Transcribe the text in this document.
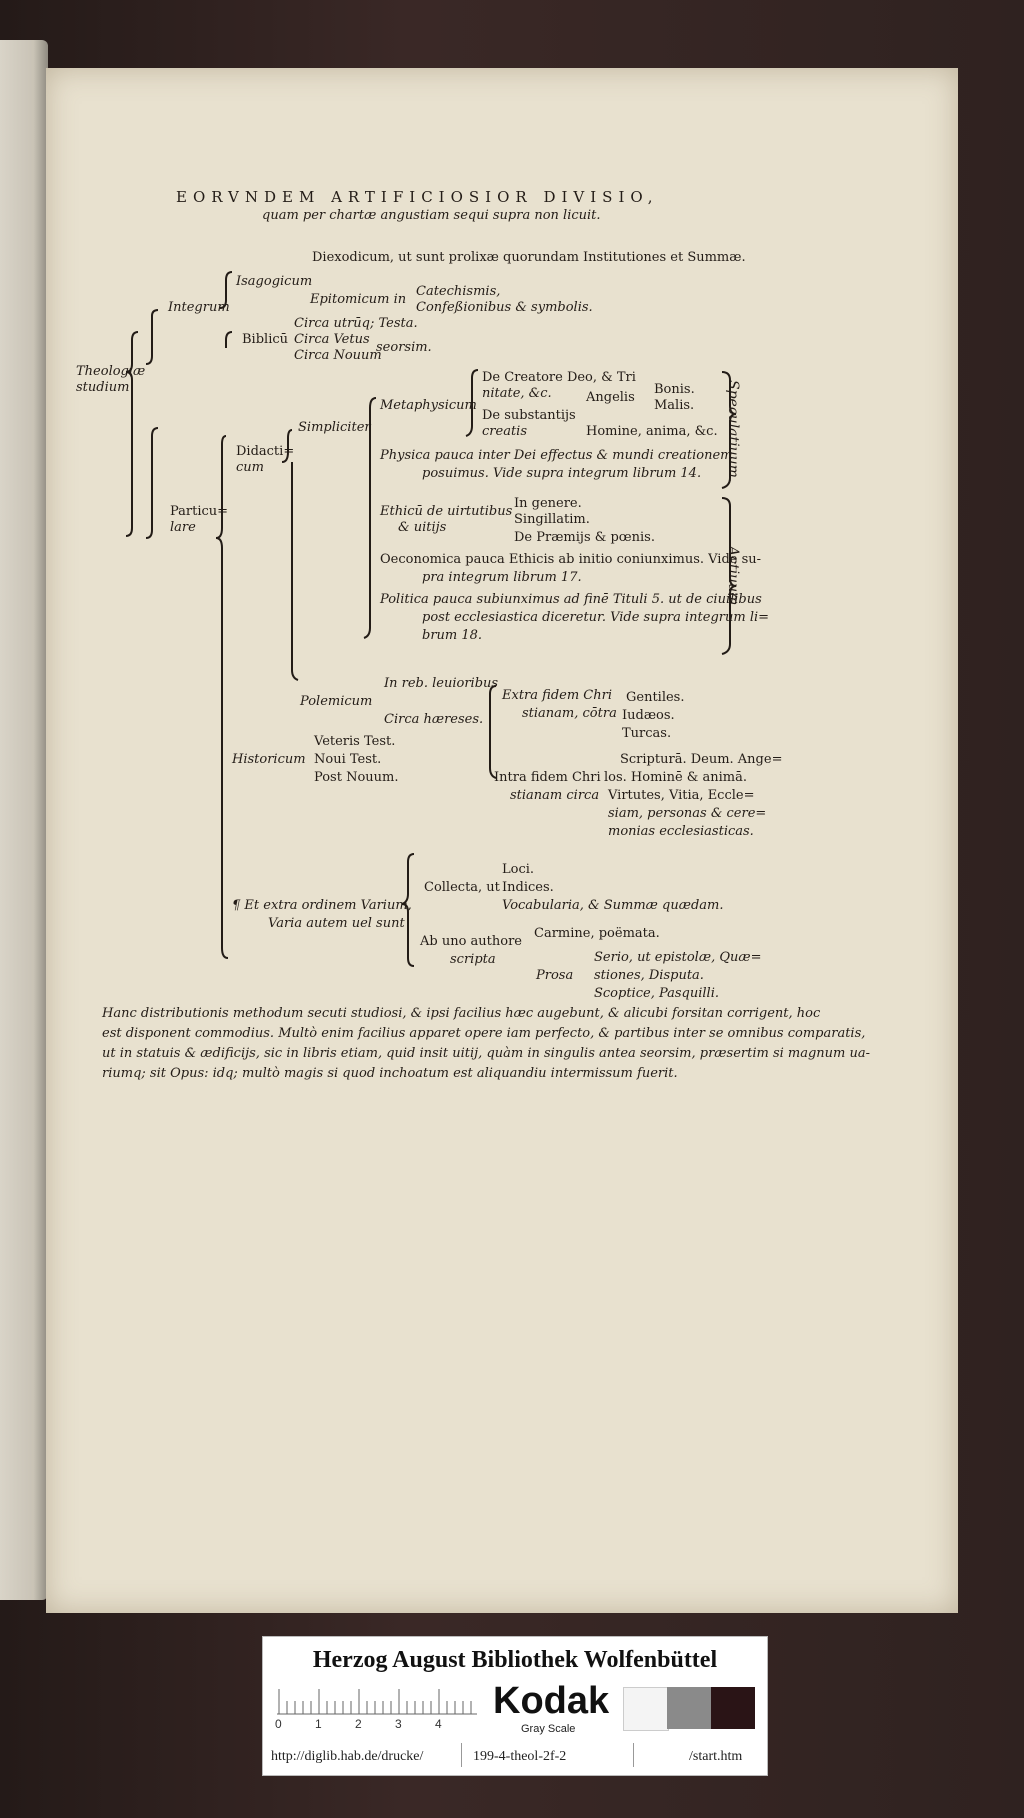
EORVNDEM ARTIFICIOSIOR DIVISIO,
quam per chartæ angustiam sequi supra non licuit.
Theologiæ
studium
Integrum
Isagogicum
Diexodicum, ut sunt prolixæ quorundam Institutiones et Summæ.
Epitomicum in
Catechismis,
Confeßionibus & symbolis.
Biblicū
Circa utrūq; Testa.
Circa Vetus
Circa Nouum
seorsim.
Particu=
lare
Didacti=
cum
Simpliciter
Metaphysicum
De Creatore Deo, & Tri
nitate, &c.
De substantijs
creatis
Angelis
Bonis.
Malis.
Homine, anima, &c.
Physica pauca inter Dei effectus & mundi creationem
posuimus. Vide supra integrum librum 14.
Ethicū de uirtutibus
& uitijs
In genere.
Singillatim.
De Præmijs & pœnis.
Oeconomica pauca Ethicis ab initio coniunximus. Vide su-
pra integrum librum 17.
Politica pauca subiunximus ad finē Tituli 5. ut de ciuilibus
post ecclesiastica diceretur. Vide supra integrum li=
brum 18.
Speculatiuum.
Actiuum.
Polemicum
In reb. leuioribus
Circa hæreses.
Extra fidem Chri
stianam, cōtra
Gentiles.
Iudæos.
Turcas.
Intra fidem Chri
stianam circa
Scripturā. Deum. Ange=
los. Hominē & animā.
Virtutes, Vitia, Eccle=
siam, personas & cere=
monias ecclesiasticas.
Historicum
Veteris Test.
Noui Test.
Post Nouum.
¶ Et extra ordinem Varium,
Varia autem uel sunt
Collecta, ut
Loci.
Indices.
Vocabularia, & Summæ quædam.
Ab uno authore
scripta
Carmine, poëmata.
Prosa
Serio, ut epistolæ, Quæ=
stiones, Disputa.
Scoptice, Pasquilli.
Hanc distributionis methodum secuti studiosi, & ipsi facilius hæc augebunt, & alicubi forsitan corrigent, hoc
est disponent commodius. Multò enim facilius apparet opere iam perfecto, & partibus inter se omnibus comparatis,
ut in statuis & ædificijs, sic in libris etiam, quid insit uitij, quàm in singulis antea seorsim, præsertim si magnum ua-
riumq; sit Opus: idq; multò magis si quod inchoatum est aliquandiu intermissum fuerit.
Herzog August Bibliothek Wolfenbüttel
0	1	2	3	4
Kodak
Gray Scale
http://diglib.hab.de/drucke/	199-4-theol-2f-2	/start.htm
